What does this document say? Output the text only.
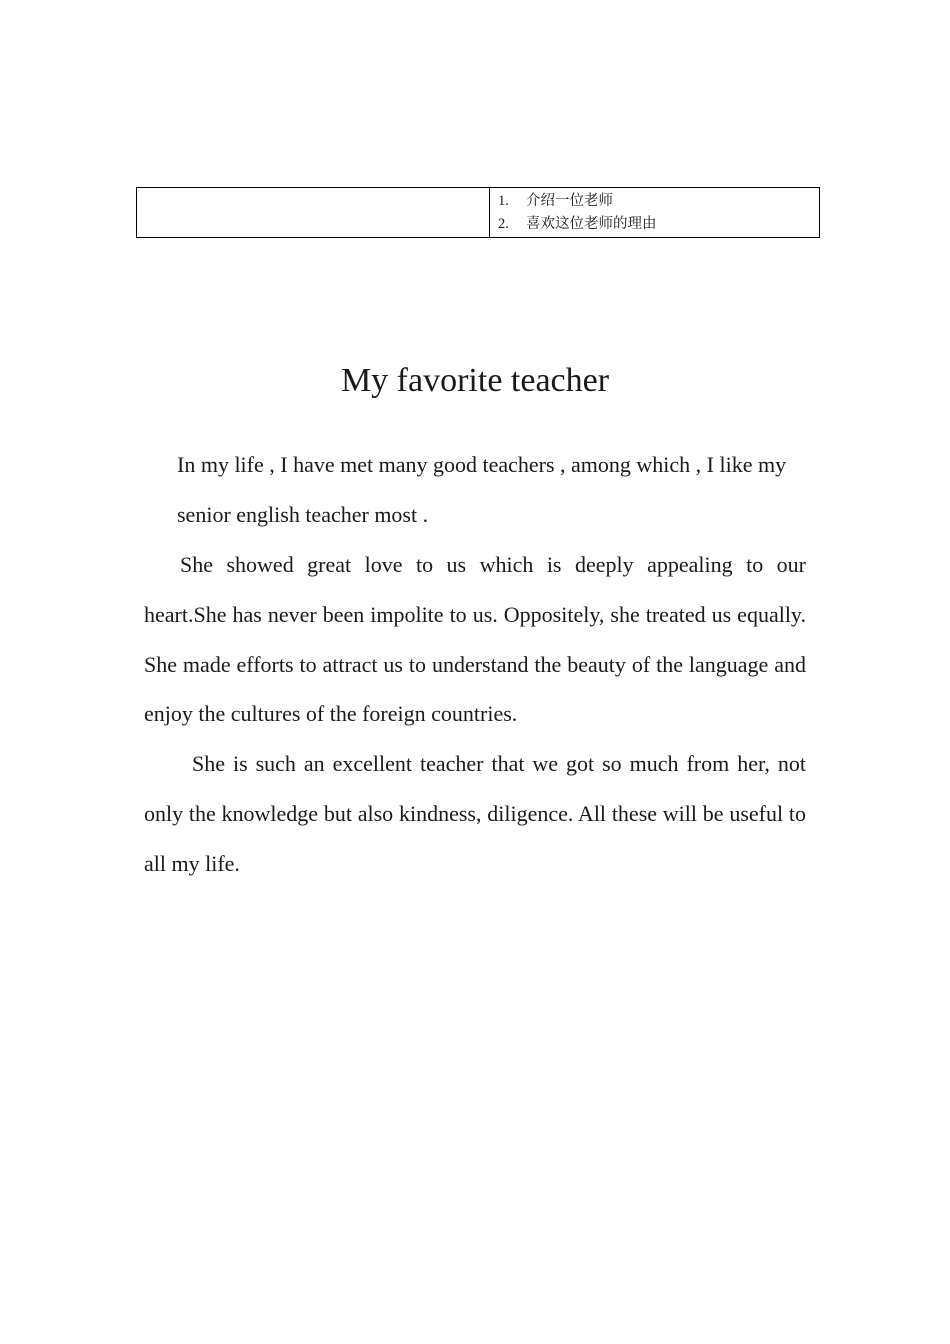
1.	介绍一位老师
2.	喜欢这位老师的理由
My favorite teacher

In my life , I have met many good teachers , among which , I like my senior english teacher most .

She showed great love to us which is deeply appealing to our heart.She has never been impolite to us. Oppositely, she treated us equally. She made efforts to attract us to understand the beauty of the language and enjoy the cultures of the foreign countries.

She is such an excellent teacher that we got so much from her, not only the knowledge but also kindness, diligence. All these will be useful to all my life.
